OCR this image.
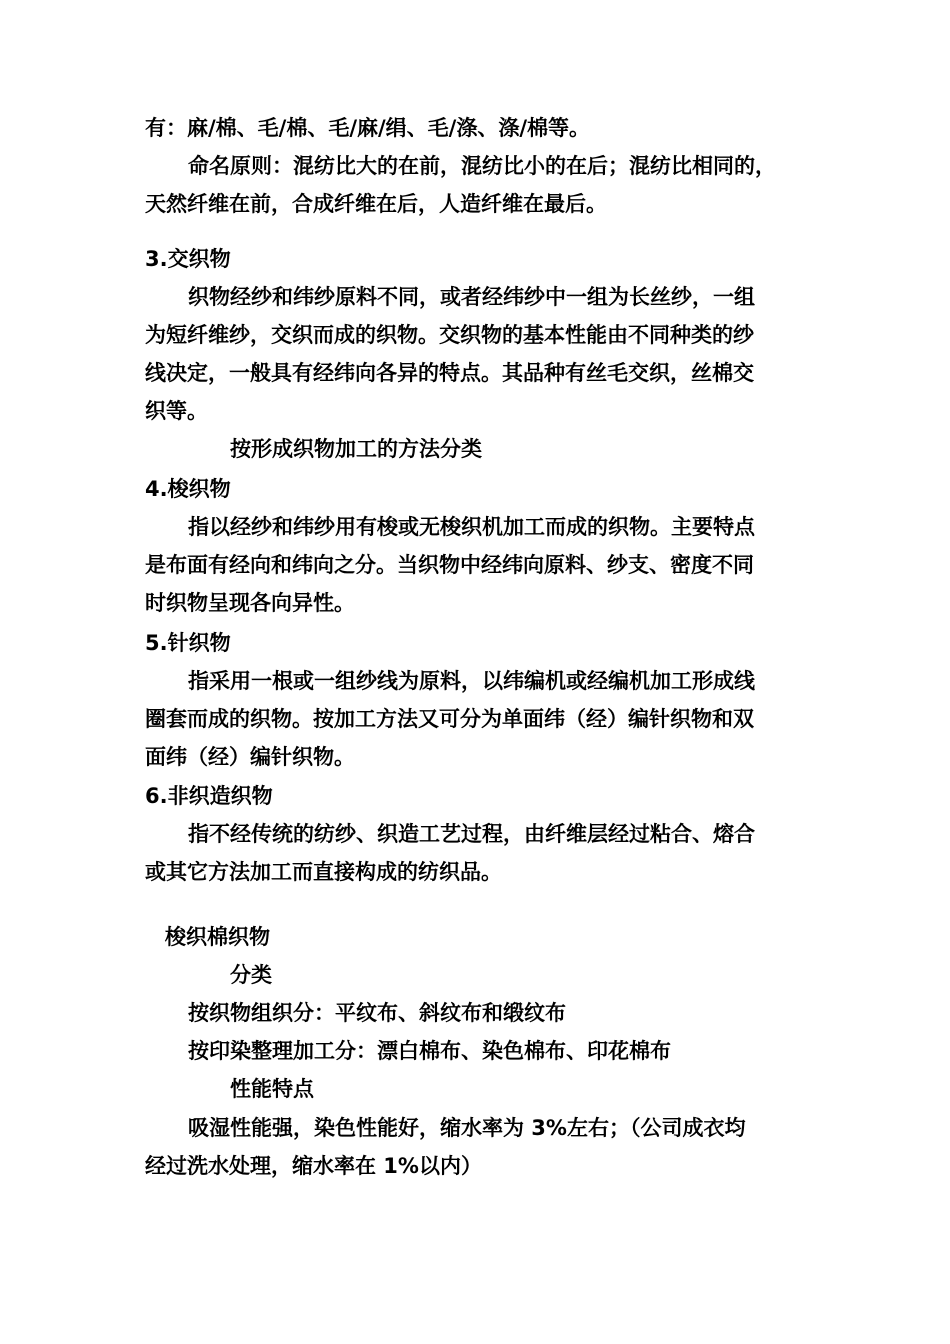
有：麻/棉、毛/棉、毛/麻/绢、毛/涤、涤/棉等。
命名原则：混纺比大的在前，混纺比小的在后；混纺比相同的，
天然纤维在前，合成纤维在后，人造纤维在最后。
3.交织物
织物经纱和纬纱原料不同，或者经纬纱中一组为长丝纱，一组
为短纤维纱，交织而成的织物。交织物的基本性能由不同种类的纱
线决定，一般具有经纬向各异的特点。其品种有丝毛交织，丝棉交
织等。
按形成织物加工的方法分类
4.梭织物
指以经纱和纬纱用有梭或无梭织机加工而成的织物。主要特点
是布面有经向和纬向之分。当织物中经纬向原料、纱支、密度不同
时织物呈现各向异性。
5.针织物
指采用一根或一组纱线为原料，以纬编机或经编机加工形成线
圈套而成的织物。按加工方法又可分为单面纬（经）编针织物和双
面纬（经）编针织物。
6.非织造织物
指不经传统的纺纱、织造工艺过程，由纤维层经过粘合、熔合
或其它方法加工而直接构成的纺织品。
梭织棉织物
分类
按织物组织分：平纹布、斜纹布和缎纹布
按印染整理加工分：漂白棉布、染色棉布、印花棉布
性能特点
吸湿性能强，染色性能好，缩水率为 3%左右；（公司成衣均
经过洗水处理，缩水率在 1%以内）
